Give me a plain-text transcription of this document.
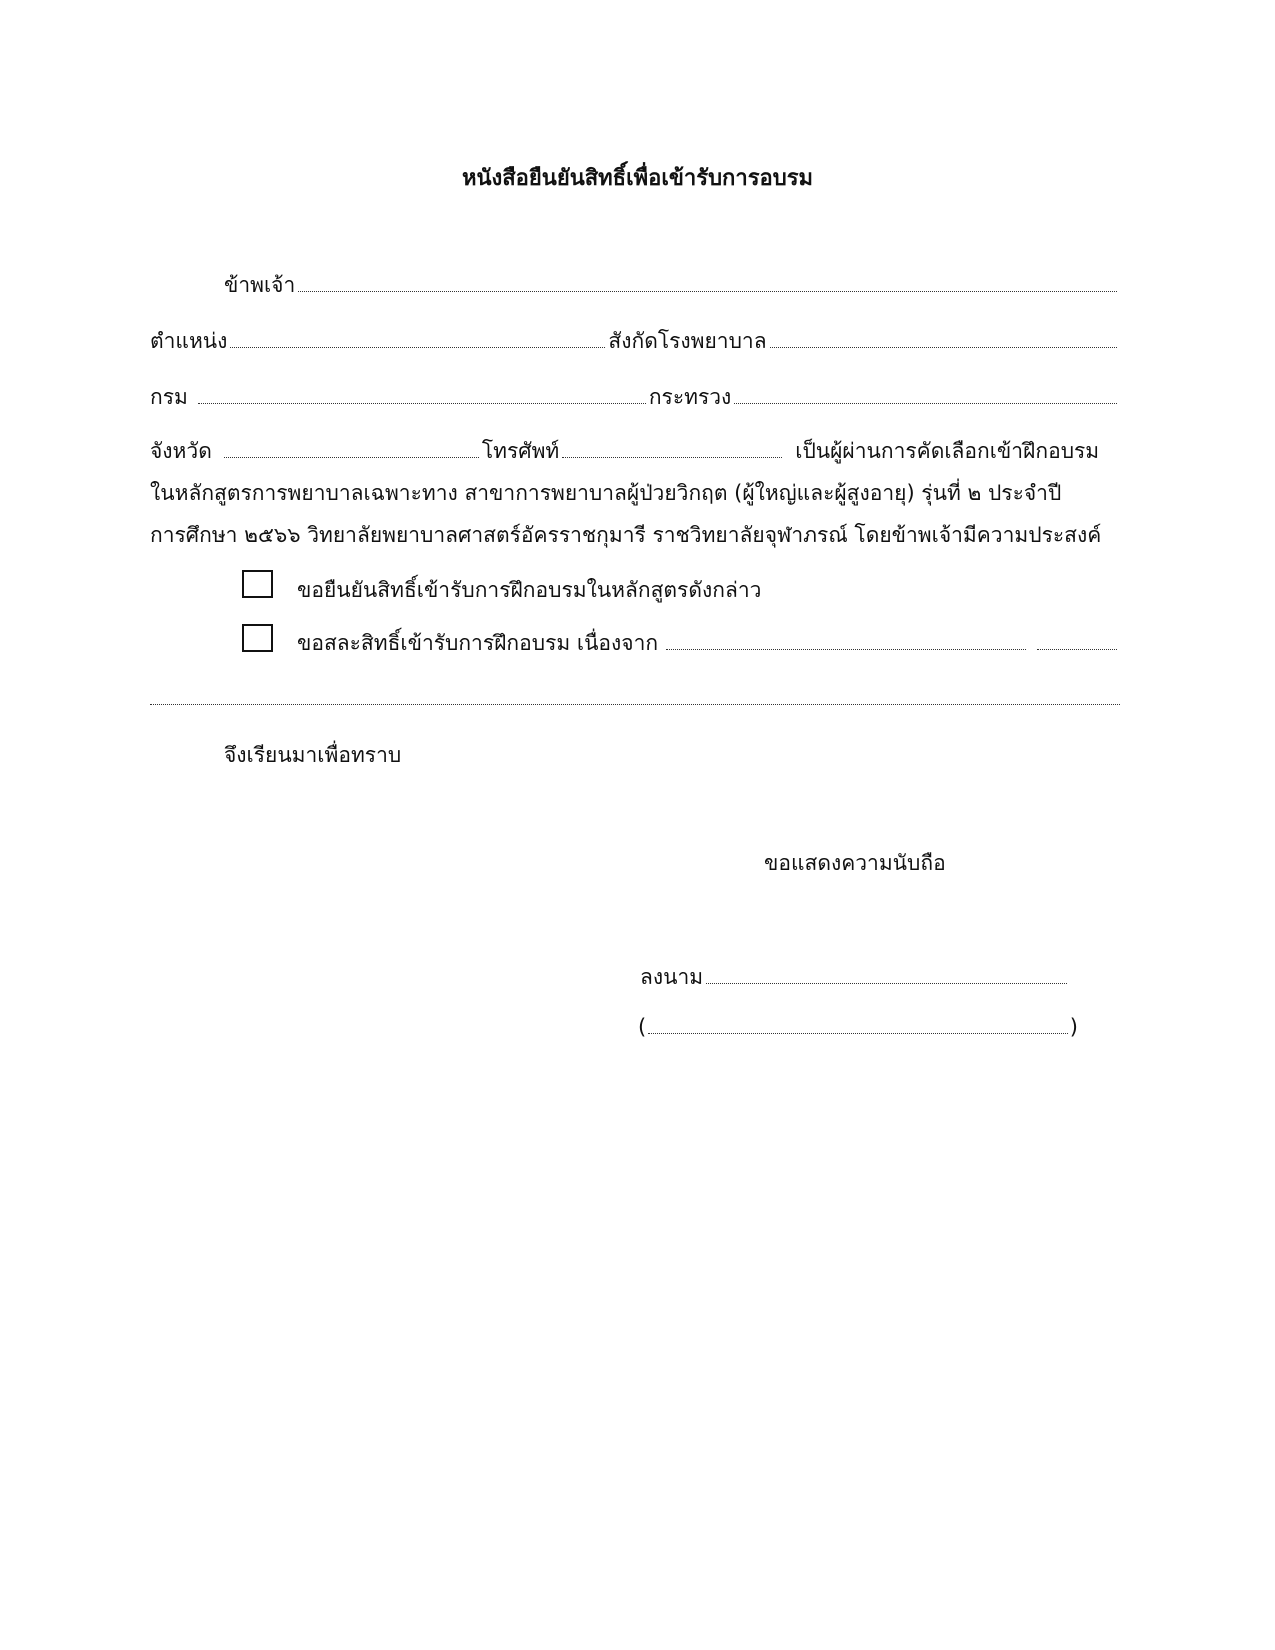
หนังสือยืนยันสิทธิ์เพื่อเข้ารับการอบรม
ข้าพเจ้า
ตำแหน่ง	สังกัดโรงพยาบาล
กรม	กระทรวง
จังหวัด	โทรศัพท์	เป็นผู้ผ่านการคัดเลือกเข้าฝึกอบรม
ในหลักสูตรการพยาบาลเฉพาะทาง สาขาการพยาบาลผู้ป่วยวิกฤต (ผู้ใหญ่และผู้สูงอายุ) รุ่นที่ ๒ ประจำปี
การศึกษา ๒๕๖๖ วิทยาลัยพยาบาลศาสตร์อัครราชกุมารี ราชวิทยาลัยจุฬาภรณ์ โดยข้าพเจ้ามีความประสงค์
ขอยืนยันสิทธิ์เข้ารับการฝึกอบรมในหลักสูตรดังกล่าว
ขอสละสิทธิ์เข้ารับการฝึกอบรม เนื่องจาก
จึงเรียนมาเพื่อทราบ
ขอแสดงความนับถือ
ลงนาม
(	)
